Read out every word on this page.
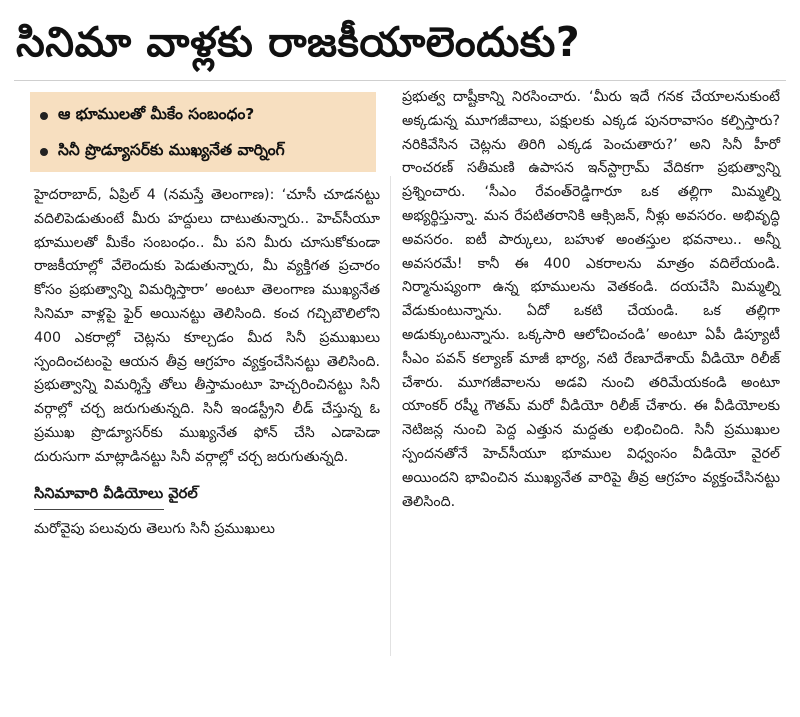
సినిమా వాళ్లకు రాజకీయాలెందుకు?
ఆ భూములతో మీకేం సంబంధం?
సినీ ప్రొడ్యూసర్‌కు ముఖ్యనేత వార్నింగ్

హైదరాబాద్, ఏప్రిల్ 4 (నమస్తే తెలంగాణ): ‘చూసీ చూడనట్టు వదిలిపెడుతుంటే మీరు హద్దులు దాటుతున్నారు.. హెచ్‌సీయూ భూములతో మీకేం సంబంధం.. మీ పని మీరు చూసుకోకుండా రాజకీయాల్లో వేలెందుకు పెడుతున్నారు, మీ వ్యక్తిగత ప్రచారం కోసం ప్రభుత్వాన్ని విమర్శిస్తారా’ అంటూ తెలంగాణ ముఖ్యనేత సినిమా వాళ్లపై ఫైర్ అయినట్టు తెలిసింది. కంచ గచ్చిబౌలిలోని 400 ఎకరాల్లో చెట్లను కూల్చడం మీద సినీ ప్రముఖులు స్పందించటంపై ఆయన తీవ్ర ఆగ్రహం వ్యక్తంచేసినట్టు తెలిసింది. ప్రభుత్వాన్ని విమర్శిస్తే తోలు తీస్తామంటూ హెచ్చరించినట్టు సినీ వర్గాల్లో చర్చ జరుగుతున్నది. సినీ ఇండస్ట్రీని లీడ్ చేస్తున్న ఓ ప్రముఖ ప్రొడ్యూసర్‌కు ముఖ్యనేత ఫోన్ చేసి ఎడాపెడా దురుసుగా మాట్లాడినట్టు సినీ వర్గాల్లో చర్చ జరుగుతున్నది.

సినిమావారి వీడియోలు వైరల్

మరోవైపు పలువురు తెలుగు సినీ ప్రముఖులు

ప్రభుత్వ దాష్టీకాన్ని నిరసించారు. ‘మీరు ఇదే గనక చేయాలనుకుంటే అక్కడున్న మూగజీవాలు, పక్షులకు ఎక్కడ పునరావాసం కల్పిస్తారు? నరికివేసిన చెట్లను తిరిగి ఎక్కడ పెంచుతారు?’ అని సినీ హీరో రాంచరణ్ సతీమణి ఉపాసన ఇన్‌స్టాగ్రామ్ వేదికగా ప్రభుత్వాన్ని ప్రశ్నించారు. ‘సీఎం రేవంత్‌రెడ్డిగారూ ఒక తల్లిగా మిమ్మల్ని అభ్యర్థిస్తున్నా. మన రేపటితరానికి ఆక్సిజన్, నీళ్లు అవసరం. అభివృద్ధి అవసరం. ఐటీ పార్కులు, బహుళ అంతస్తుల భవనాలు.. అన్నీ అవసరమే! కానీ ఈ 400 ఎకరాలను మాత్రం వదిలేయండి. నిర్మానుష్యంగా ఉన్న భూములను వెతకండి. దయచేసి మిమ్మల్ని వేడుకుంటున్నాను. ఏదో ఒకటి చేయండి. ఒక తల్లిగా అడుక్కుంటున్నాను. ఒక్కసారి ఆలోచించండి’ అంటూ ఏపీ డిప్యూటీ సీఎం పవన్ కల్యాణ్ మాజీ భార్య, నటి రేణూదేశాయ్ వీడియో రిలీజ్ చేశారు. మూగజీవాలను అడవి నుంచి తరిమేయకండి అంటూ యాంకర్ రష్మీ గౌతమ్ మరో వీడియో రిలీజ్ చేశారు. ఈ వీడియోలకు నెటిజన్ల నుంచి పెద్ద ఎత్తున మద్దతు లభించింది. సినీ ప్రముఖుల స్పందనతోనే హెచ్‌సీయూ భూముల విధ్వంసం వీడియో వైరల్ అయిందని భావించిన ముఖ్యనేత వారిపై తీవ్ర ఆగ్రహం వ్యక్తంచేసినట్టు తెలిసింది.
